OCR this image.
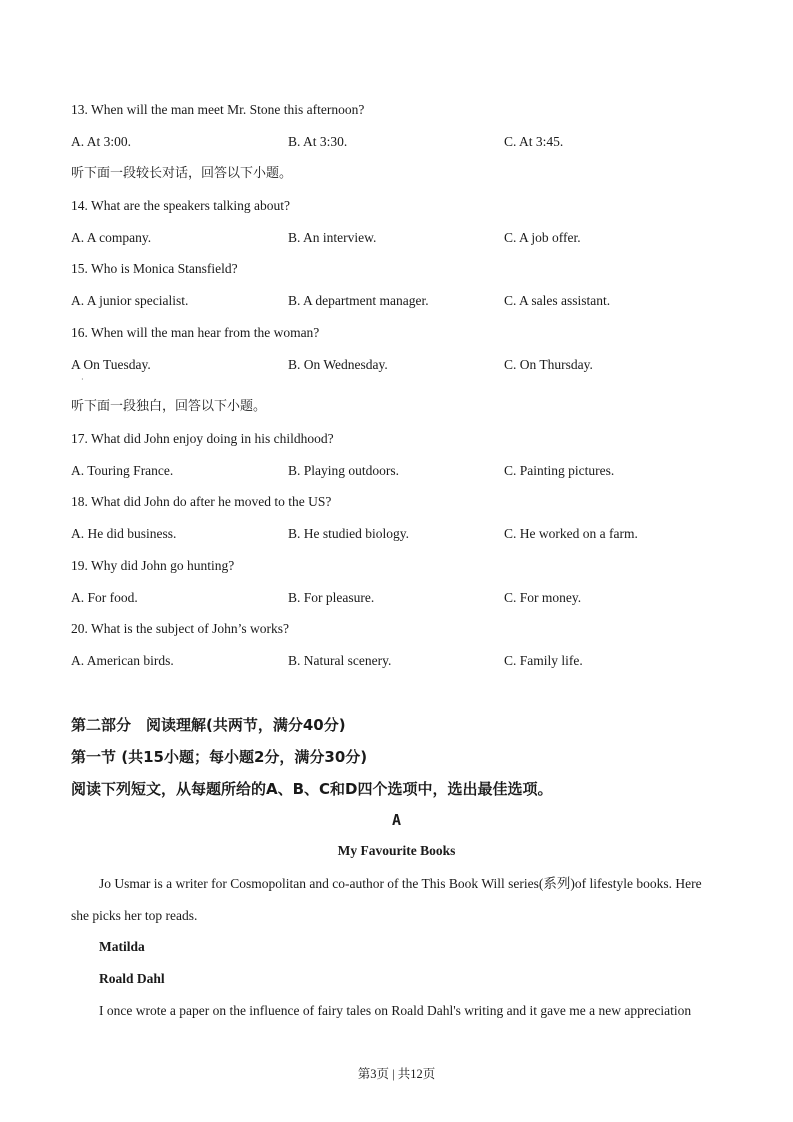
13. When will the man meet Mr. Stone this afternoon?
A. At 3:00.	B. At 3:30.	C. At 3:45.
听下面一段较长对话，回答以下小题。
14. What are the speakers talking about?
A. A company.	B. An interview.	C. A job offer.
15. Who is Monica Stansfield?
A. A junior specialist.	B. A department manager.	C. A sales assistant.
16. When will the man hear from the woman?
A On Tuesday.	B. On Wednesday.	C. On Thursday.
·
听下面一段独白，回答以下小题。
17. What did John enjoy doing in his childhood?
A. Touring France.	B. Playing outdoors.	C. Painting pictures.
18. What did John do after he moved to the US?
A. He did business.	B. He studied biology.	C. He worked on a farm.
19. Why did John go hunting?
A. For food.	B. For pleasure.	C. For money.
20. What is the subject of John’s works?
A. American birds.	B. Natural scenery.	C. Family life.
第二部分　阅读理解(共两节，满分40分)
第一节 (共15小题；每小题2分，满分30分)
阅读下列短文，从每题所给的A、B、C和D四个选项中，选出最佳选项。
A
My Favourite Books
Jo Usmar is a writer for Cosmopolitan and co-author of the This Book Will series(系列)of lifestyle books. Here she picks her top reads.
Matilda
Roald Dahl
I once wrote a paper on the influence of fairy tales on Roald Dahl's writing and it gave me a new appreciation
第3页 | 共12页
